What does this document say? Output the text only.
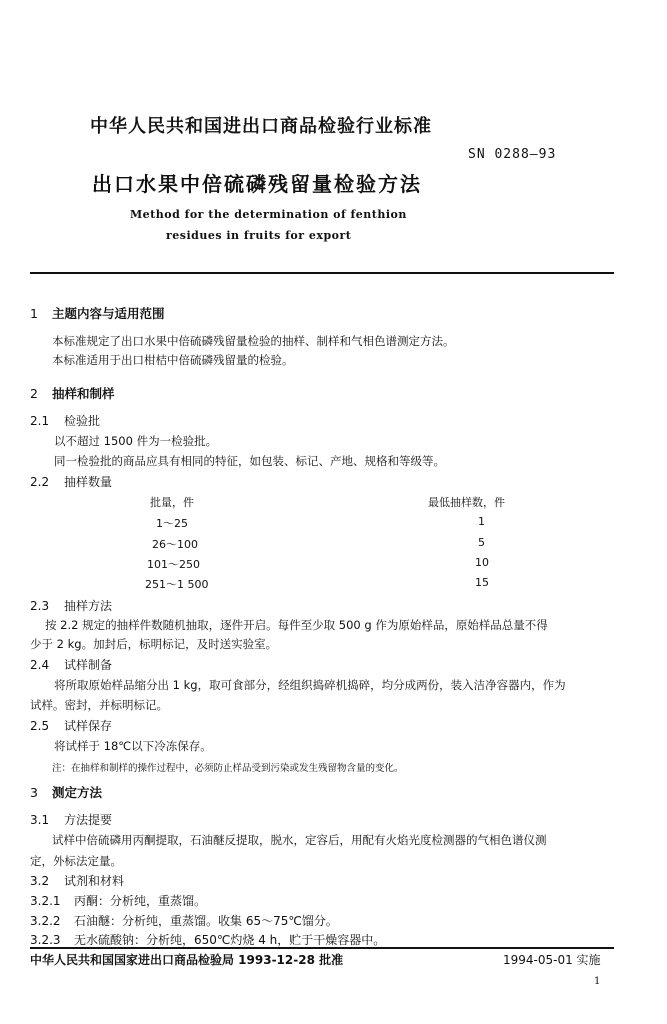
中华人民共和国进出口商品检验行业标准
SN 0288—93
出口水果中倍硫磷残留量检验方法
Method for the determination of fenthion
residues in fruits for export
1 主题内容与适用范围
本标准规定了出口水果中倍硫磷残留量检验的抽样、制样和气相色谱测定方法。
本标准适用于出口柑桔中倍硫磷残留量的检验。
2 抽样和制样
2.1 检验批
以不超过 1500 件为一检验批。
同一检验批的商品应具有相同的特征，如包装、标记、产地、规格和等级等。
2.2 抽样数量
批量，件	最低抽样数，件
1～25	1
26～100	5
101～250	10
251～1 500	15
2.3 抽样方法
按 2.2 规定的抽样件数随机抽取，逐件开启。每件至少取 500 g 作为原始样品，原始样品总量不得
少于 2 kg。加封后，标明标记，及时送实验室。
2.4 试样制备
将所取原始样品缩分出 1 kg，取可食部分，经组织捣碎机捣碎，均分成两份，装入洁净容器内，作为
试样。密封，并标明标记。
2.5 试样保存
将试样于 18℃以下冷冻保存。
注：在抽样和制样的操作过程中，必须防止样品受到污染或发生残留物含量的变化。
3 测定方法
3.1 方法提要
试样中倍硫磷用丙酮提取，石油醚反提取，脱水，定容后，用配有火焰光度检测器的气相色谱仪测
定，外标法定量。
3.2 试剂和材料
3.2.1 丙酮：分析纯，重蒸馏。
3.2.2 石油醚：分析纯，重蒸馏。收集 65～75℃馏分。
3.2.3 无水硫酸钠：分析纯，650℃灼烧 4 h，贮于干燥容器中。
中华人民共和国国家进出口商品检验局 1993-12-28 批准	1994-05-01 实施
1
